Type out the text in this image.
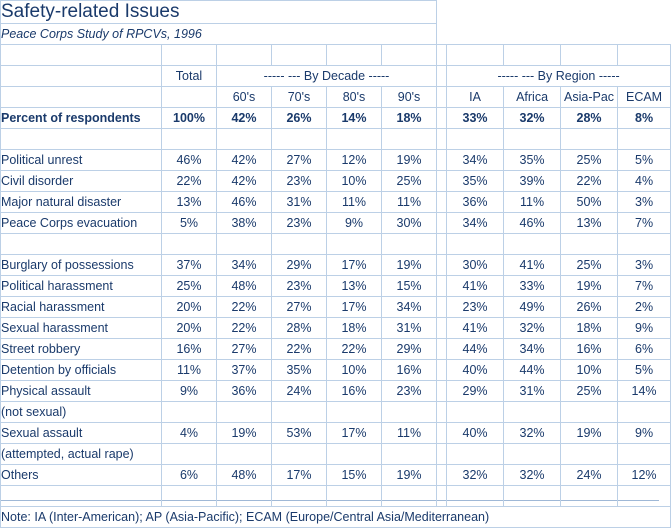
Safety-related Issues										
Peace Corps Study of RPCVs, 1996										

	Total	----- --- By Decade -----					----- --- By Region -----			
		60's	70's	80's	90's		IA	Africa	Asia-Pac	ECAM
Percent of respondents	100%	42%	26%	14%	18%		33%	32%	28%	8%

Political unrest	46%	42%	27%	12%	19%		34%	35%	25%	5%
Civil disorder	22%	42%	23%	10%	25%		35%	39%	22%	4%
Major natural disaster	13%	46%	31%	11%	11%		36%	11%	50%	3%
Peace Corps evacuation	5%	38%	23%	9%	30%		34%	46%	13%	7%

Burglary of possessions	37%	34%	29%	17%	19%		30%	41%	25%	3%
Political harassment	25%	48%	23%	13%	15%		41%	33%	19%	7%
Racial harassment	20%	22%	27%	17%	34%		23%	49%	26%	2%
Sexual harassment	20%	22%	28%	18%	31%		41%	32%	18%	9%
Street robbery	16%	27%	22%	22%	29%		44%	34%	16%	6%
Detention by officials	11%	37%	35%	10%	16%		40%	44%	10%	5%
Physical assault	9%	36%	24%	16%	23%		29%	31%	25%	14%
(not sexual)										
Sexual assault	4%	19%	53%	17%	11%		40%	32%	19%	9%
(attempted, actual rape)										
Others	6%	48%	17%	15%	19%		32%	32%	24%	12%

Note: IA (Inter-American); AP (Asia-Pacific); ECAM (Europe/Central Asia/Mediterranean)										
